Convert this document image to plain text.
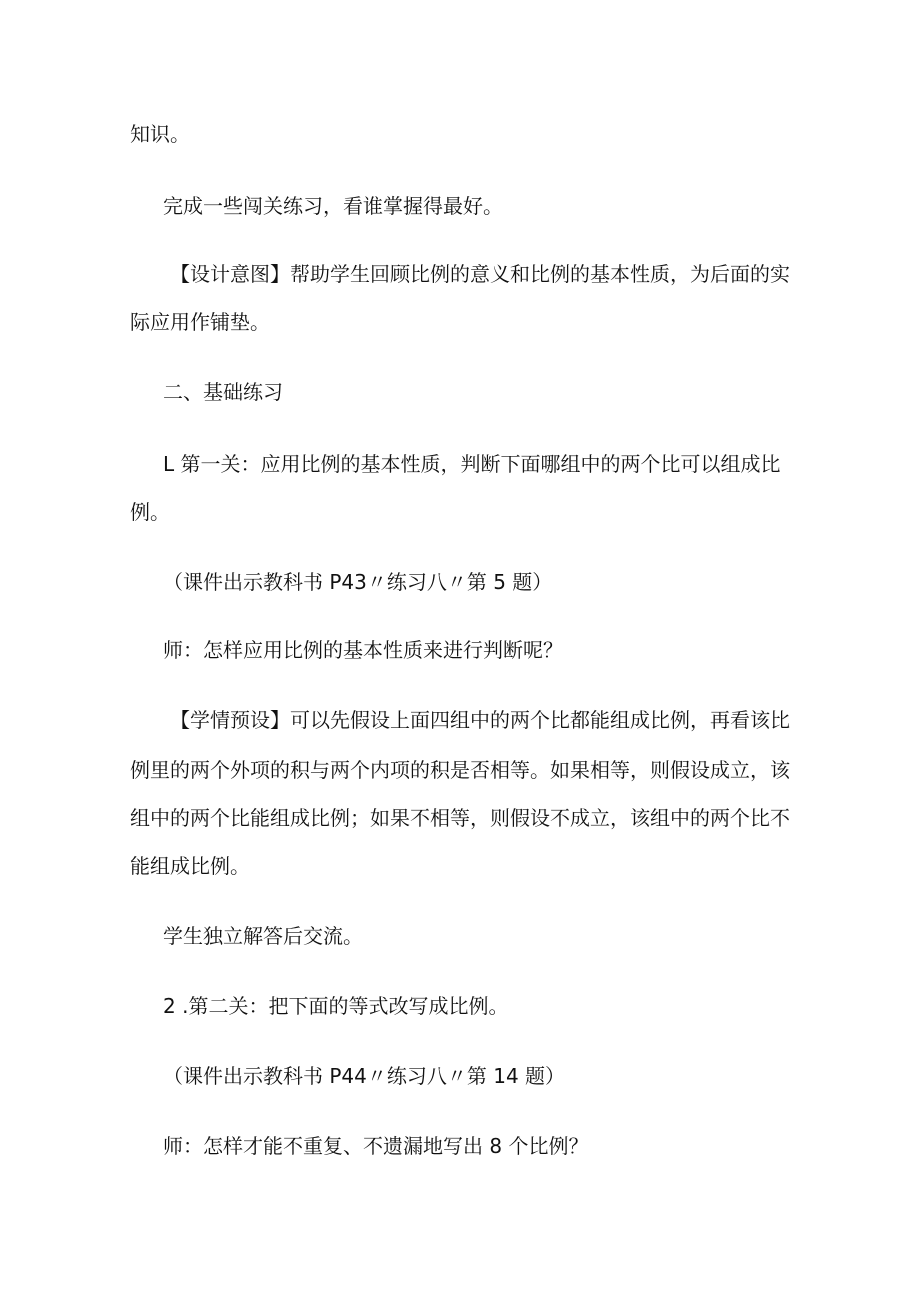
知识。
完成一些闯关练习，看谁掌握得最好。
【设计意图】帮助学生回顾比例的意义和比例的基本性质，为后面的实
际应用作铺垫。
二、基础练习
L 第一关：应用比例的基本性质，判断下面哪组中的两个比可以组成比
例。
（课件出示教科书 P43〃练习八〃第 5 题）
师：怎样应用比例的基本性质来进行判断呢？
【学情预设】可以先假设上面四组中的两个比都能组成比例，再看该比
例里的两个外项的积与两个内项的积是否相等。如果相等，则假设成立，该
组中的两个比能组成比例；如果不相等，则假设不成立，该组中的两个比不
能组成比例。
学生独立解答后交流。
2 .第二关：把下面的等式改写成比例。
（课件出示教科书 P44〃练习八〃第 14 题）
师：怎样才能不重复、不遗漏地写出 8 个比例？
